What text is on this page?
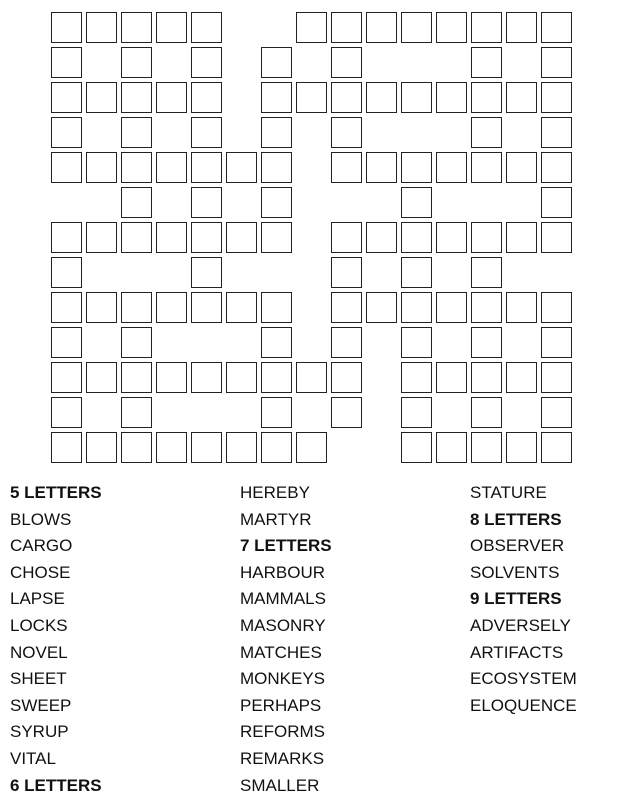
5 LETTERS
BLOWS
CARGO
CHOSE
LAPSE
LOCKS
NOVEL
SHEET
SWEEP
SYRUP
VITAL
6 LETTERS
HEREBY
MARTYR
7 LETTERS
HARBOUR
MAMMALS
MASONRY
MATCHES
MONKEYS
PERHAPS
REFORMS
REMARKS
SMALLER
STATURE
8 LETTERS
OBSERVER
SOLVENTS
9 LETTERS
ADVERSELY
ARTIFACTS
ECOSYSTEM
ELOQUENCE
